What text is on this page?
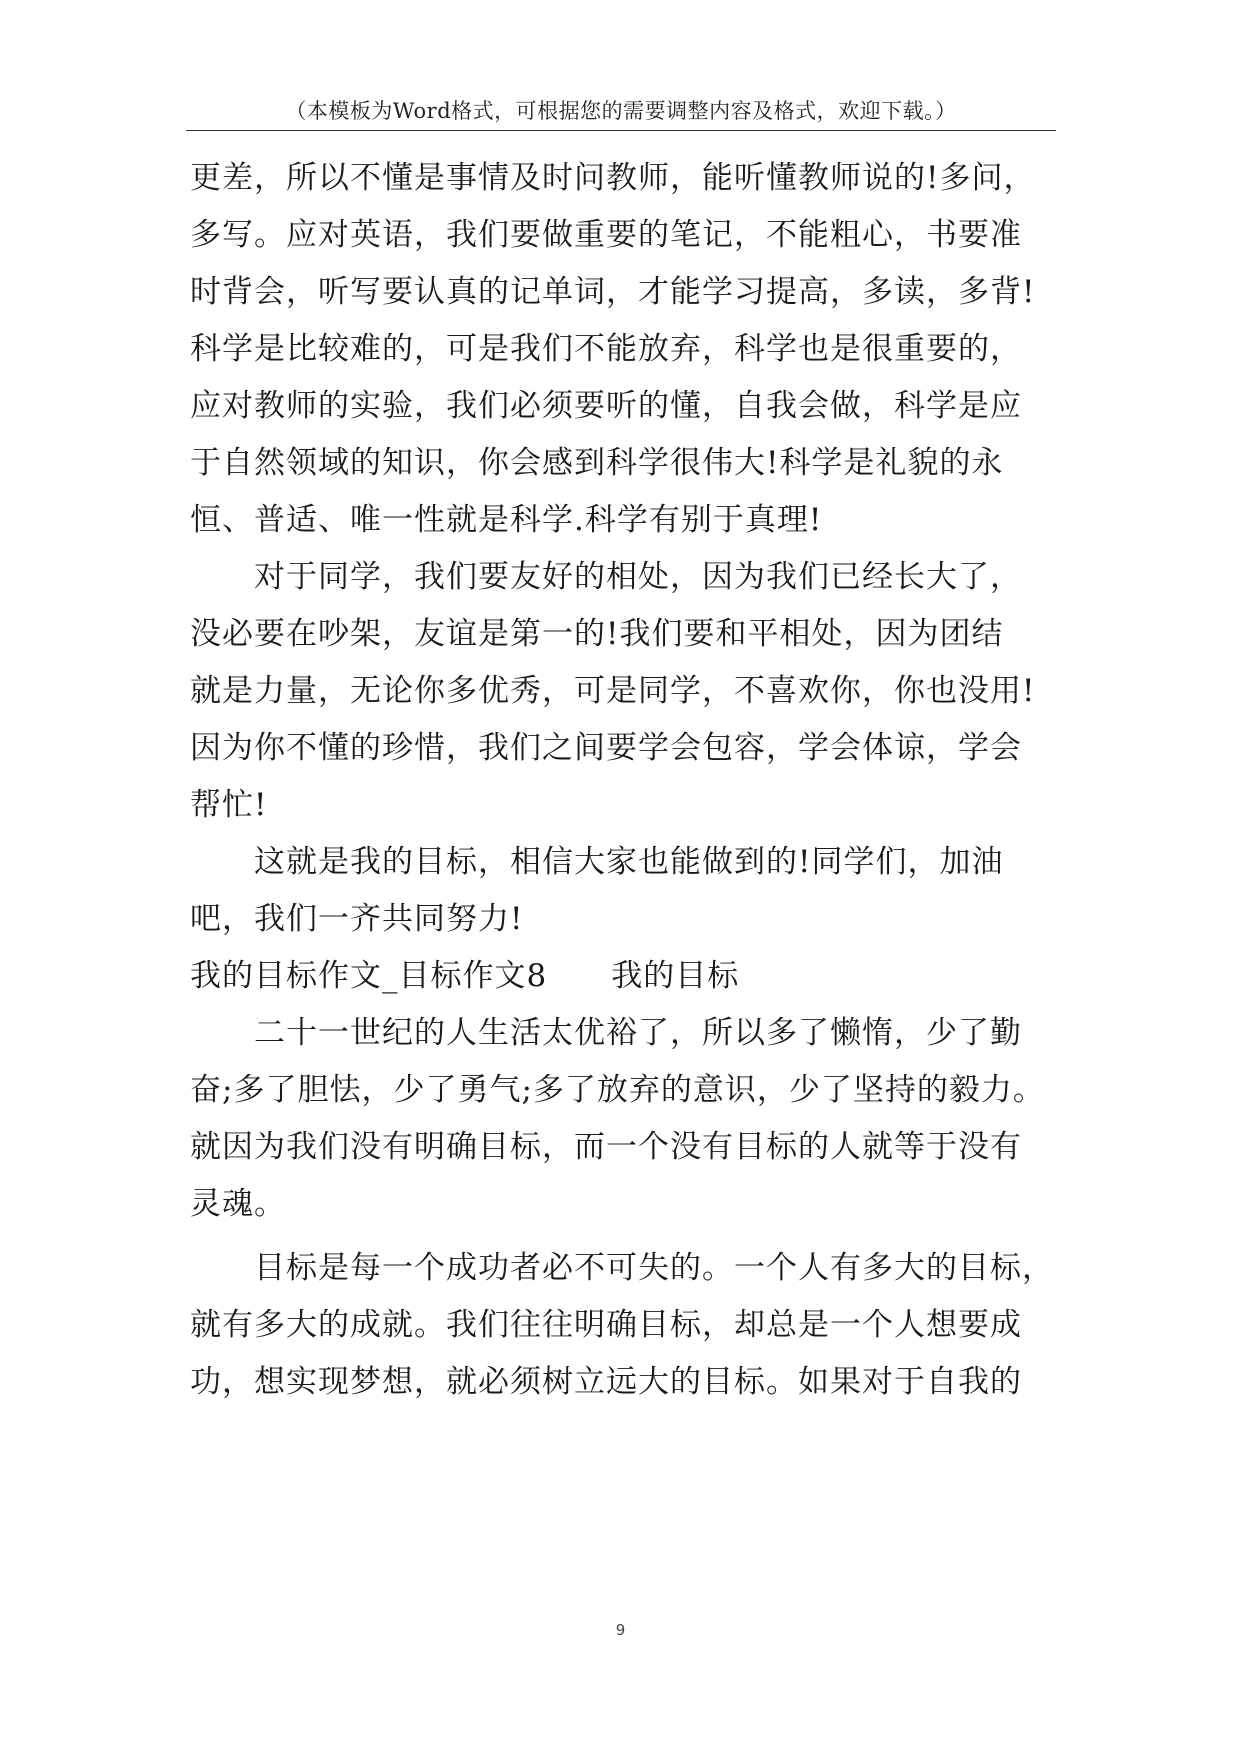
（本模板为Word格式，可根据您的需要调整内容及格式，欢迎下载。）
更差，所以不懂是事情及时问教师，能听懂教师说的!多问，
多写。应对英语，我们要做重要的笔记，不能粗心，书要准
时背会，听写要认真的记单词，才能学习提高，多读，多背!
科学是比较难的，可是我们不能放弃，科学也是很重要的，
应对教师的实验，我们必须要听的懂，自我会做，科学是应
于自然领域的知识，你会感到科学很伟大!科学是礼貌的永
恒、普适、唯一性就是科学.科学有别于真理!
对于同学，我们要友好的相处，因为我们已经长大了，
没必要在吵架，友谊是第一的!我们要和平相处，因为团结
就是力量，无论你多优秀，可是同学，不喜欢你，你也没用!
因为你不懂的珍惜，我们之间要学会包容，学会体谅，学会
帮忙!
这就是我的目标，相信大家也能做到的!同学们，加油
吧，我们一齐共同努力!
我的目标作文_目标作文8　　我的目标
二十一世纪的人生活太优裕了，所以多了懒惰，少了勤
奋;多了胆怯，少了勇气;多了放弃的意识，少了坚持的毅力。
就因为我们没有明确目标，而一个没有目标的人就等于没有
灵魂。
目标是每一个成功者必不可失的。一个人有多大的目标，
就有多大的成就。我们往往明确目标，却总是一个人想要成
功，想实现梦想，就必须树立远大的目标。如果对于自我的
9
